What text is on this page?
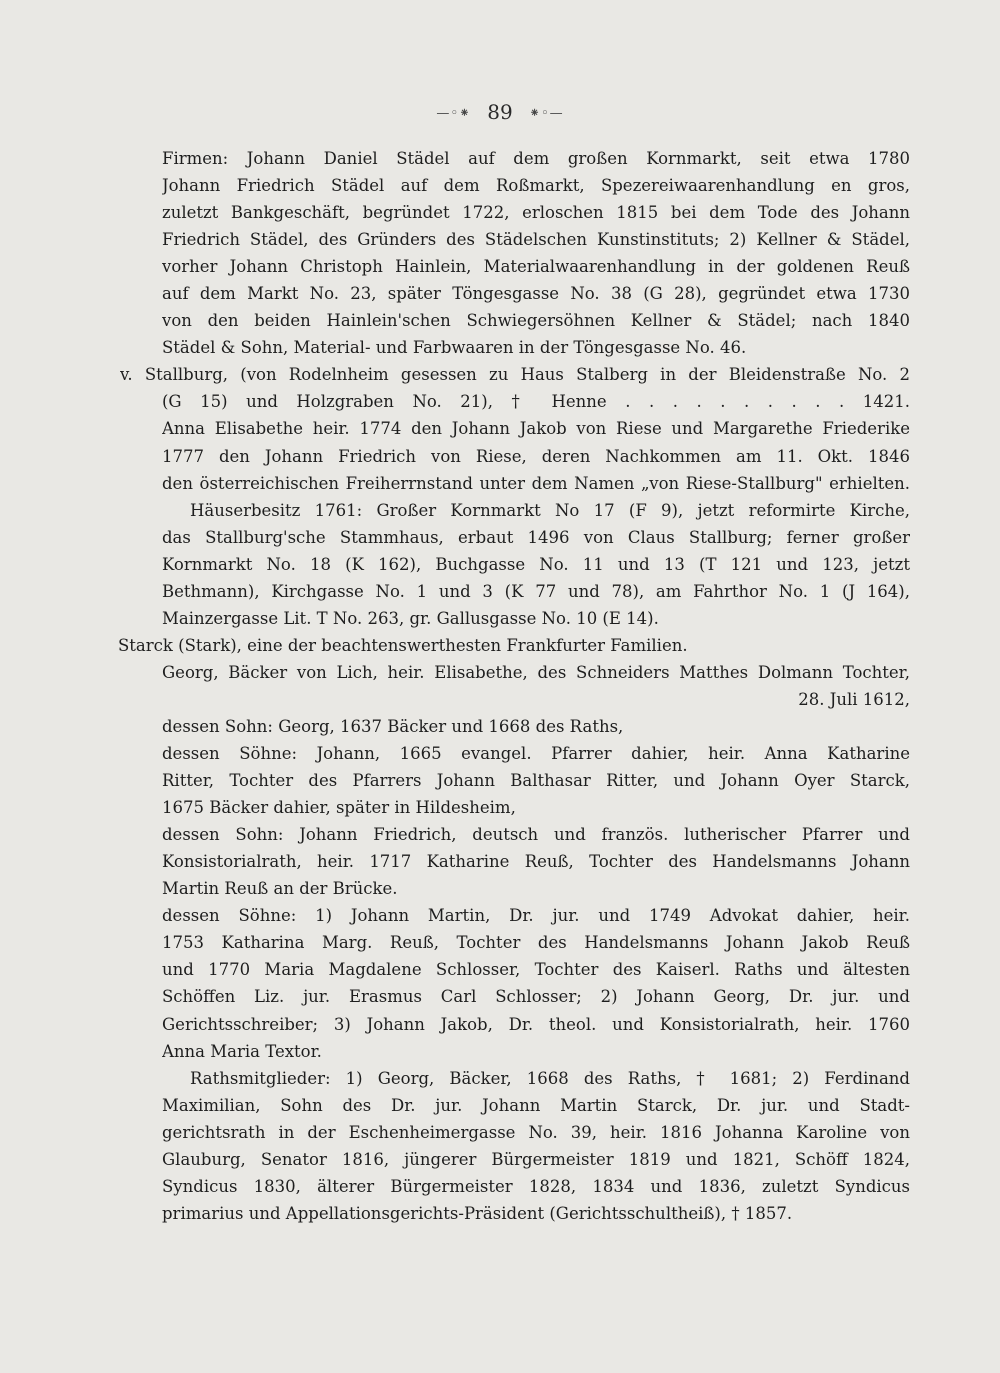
—◦⁕ 89 ⁕◦—
Firmen: Johann Daniel Städel auf dem großen Kornmarkt, seit etwa 1780
Johann Friedrich Städel auf dem Roßmarkt, Spezereiwaarenhandlung en gros,
zuletzt Bankgeschäft, begründet 1722, erloschen 1815 bei dem Tode des Johann
Friedrich Städel, des Gründers des Städelschen Kunstinstituts; 2) Kellner & Städel,
vorher Johann Christoph Hainlein, Materialwaarenhandlung in der goldenen Reuß
auf dem Markt No. 23, später Töngesgasse No. 38 (G 28), gegründet etwa 1730
von den beiden Hainlein'schen Schwiegersöhnen Kellner & Städel; nach 1840
Städel & Sohn, Material- und Farbwaaren in der Töngesgasse No. 46.
v. Stallburg, (von Rodelnheim gesessen zu Haus Stalberg in der Bleidenstraße No. 2
(G 15) und Holzgraben No. 21), † Henne . . . . . . . . . . 1421.
Anna Elisabethe heir. 1774 den Johann Jakob von Riese und Margarethe Friederike
1777 den Johann Friedrich von Riese, deren Nachkommen am 11. Okt. 1846
den österreichischen Freiherrnstand unter dem Namen „von Riese-Stallburg" erhielten.
Häuserbesitz 1761: Großer Kornmarkt No 17 (F 9), jetzt reformirte Kirche,
das Stallburg'sche Stammhaus, erbaut 1496 von Claus Stallburg; ferner großer
Kornmarkt No. 18 (K 162), Buchgasse No. 11 und 13 (T 121 und 123, jetzt
Bethmann), Kirchgasse No. 1 und 3 (K 77 und 78), am Fahrthor No. 1 (J 164),
Mainzergasse Lit. T No. 263, gr. Gallusgasse No. 10 (E 14).
Starck (Stark), eine der beachtenswerthesten Frankfurter Familien.
Georg, Bäcker von Lich, heir. Elisabethe, des Schneiders Matthes Dolmann Tochter,
28. Juli 1612,
dessen Sohn: Georg, 1637 Bäcker und 1668 des Raths,
dessen Söhne: Johann, 1665 evangel. Pfarrer dahier, heir. Anna Katharine
Ritter, Tochter des Pfarrers Johann Balthasar Ritter, und Johann Oyer Starck,
1675 Bäcker dahier, später in Hildesheim,
dessen Sohn: Johann Friedrich, deutsch und französ. lutherischer Pfarrer und
Konsistorialrath, heir. 1717 Katharine Reuß, Tochter des Handelsmanns Johann
Martin Reuß an der Brücke.
dessen Söhne: 1) Johann Martin, Dr. jur. und 1749 Advokat dahier, heir.
1753 Katharina Marg. Reuß, Tochter des Handelsmanns Johann Jakob Reuß
und 1770 Maria Magdalene Schlosser, Tochter des Kaiserl. Raths und ältesten
Schöffen Liz. jur. Erasmus Carl Schlosser; 2) Johann Georg, Dr. jur. und
Gerichtsschreiber; 3) Johann Jakob, Dr. theol. und Konsistorialrath, heir. 1760
Anna Maria Textor.
Rathsmitglieder: 1) Georg, Bäcker, 1668 des Raths, † 1681; 2) Ferdinand
Maximilian, Sohn des Dr. jur. Johann Martin Starck, Dr. jur. und Stadt-
gerichtsrath in der Eschenheimergasse No. 39, heir. 1816 Johanna Karoline von
Glauburg, Senator 1816, jüngerer Bürgermeister 1819 und 1821, Schöff 1824,
Syndicus 1830, älterer Bürgermeister 1828, 1834 und 1836, zuletzt Syndicus
primarius und Appellationsgerichts-Präsident (Gerichtsschultheiß), † 1857.
